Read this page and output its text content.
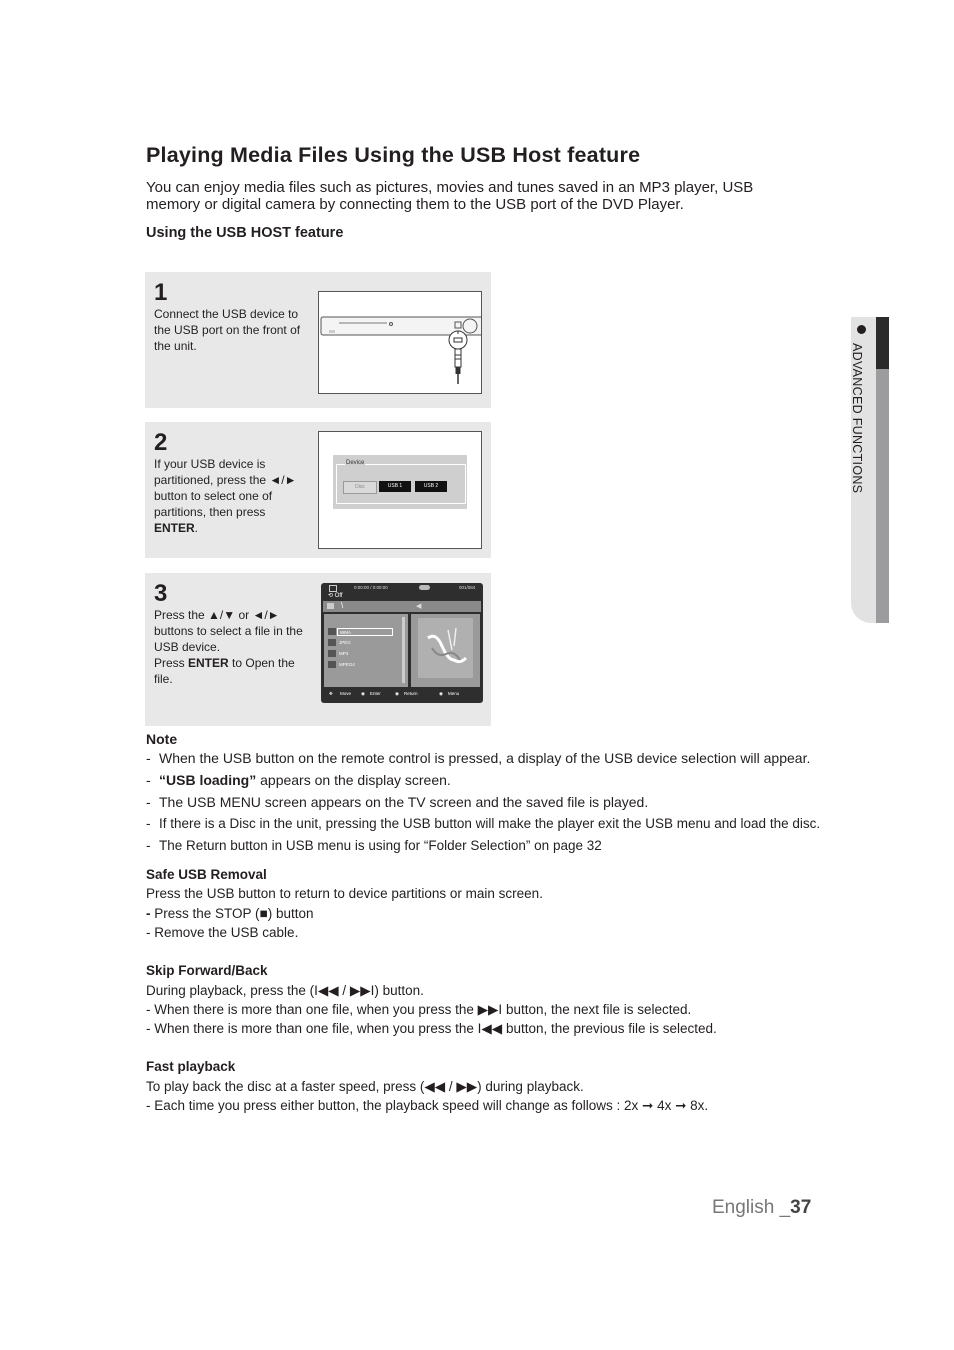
Playing Media Files Using the USB Host feature

You can enjoy media files such as pictures, movies and tunes saved in an MP3 player, USB memory or digital camera by connecting them to the USB port of the DVD Player.

Using the USB HOST feature

1
Connect the USB device to the USB port on the front of the unit.
2
If your USB device is partitioned, press the ◄/► button to select one of partitions, then press ENTER.
Device
Disc	USB 1	USB 2
3
Press the ▲/▼ or ◄/► buttons to select a file in the USB device.
Press ENTER to Open the file.
0:00:00 / 0:00:00	001/084
⟲ Off
\	◀
WMA
JPEG
MP3
MPEG4
✥ Move ◉ Enter	◉ Return	◉ Menu
Note
- When the USB button on the remote control is pressed, a display of the USB device selection will appear.
- “USB loading” appears on the display screen.
- The USB MENU screen appears on the TV screen and the saved file is played.
- If there is a Disc in the unit, pressing the USB button will make the player exit the USB menu and load the disc.
- The Return button in USB menu is using for “Folder Selection” on page 32
Safe USB Removal
Press the USB button to return to device partitions or main screen.
- Press the STOP (■) button
- Remove the USB cable.
Skip Forward/Back
During playback, press the (I◀◀ / ▶▶I) button.
- When there is more than one file, when you press the ▶▶I button, the next file is selected.
- When there is more than one file, when you press the I◀◀ button, the previous file is selected.
Fast playback
To play back the disc at a faster speed, press (◀◀ / ▶▶) during playback.
- Each time you press either button, the playback speed will change as follows : 2x ➞ 4x ➞ 8x.
ADVANCED FUNCTIONS
English _37
